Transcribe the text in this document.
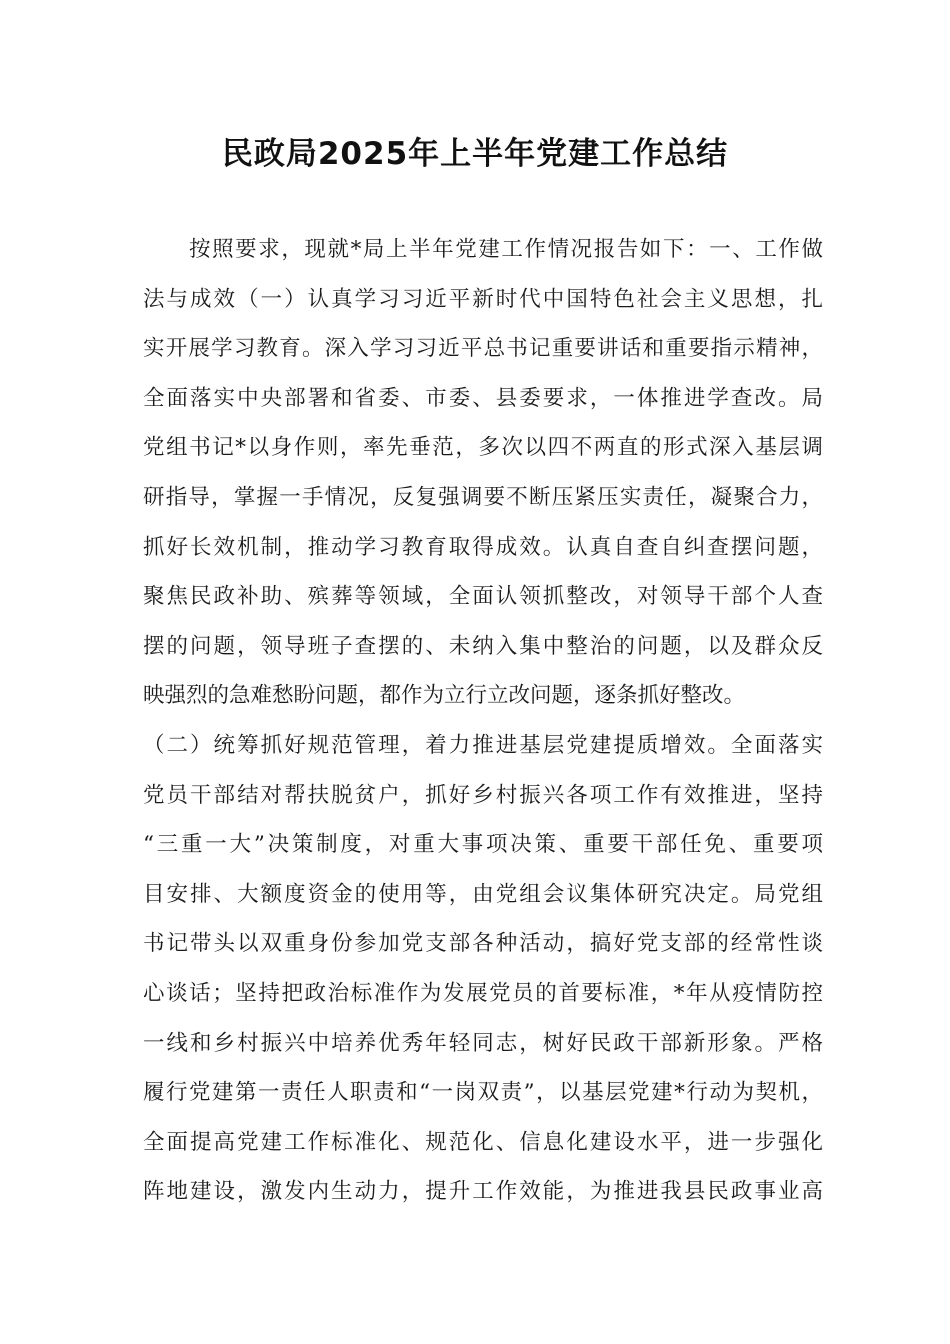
民政局2025年上半年党建工作总结
按照要求，现就*局上半年党建工作情况报告如下：一、工作做
法与成效（一）认真学习习近平新时代中国特色社会主义思想，扎
实开展学习教育。深入学习习近平总书记重要讲话和重要指示精神，
全面落实中央部署和省委、市委、县委要求，一体推进学查改。局
党组书记*以身作则，率先垂范，多次以四不两直的形式深入基层调
研指导，掌握一手情况，反复强调要不断压紧压实责任，凝聚合力，
抓好长效机制，推动学习教育取得成效。认真自查自纠查摆问题，
聚焦民政补助、殡葬等领域，全面认领抓整改，对领导干部个人查
摆的问题，领导班子查摆的、未纳入集中整治的问题，以及群众反
映强烈的急难愁盼问题，都作为立行立改问题，逐条抓好整改。
（二）统筹抓好规范管理，着力推进基层党建提质增效。全面落实
党员干部结对帮扶脱贫户，抓好乡村振兴各项工作有效推进，坚持
“三重一大”决策制度，对重大事项决策、重要干部任免、重要项
目安排、大额度资金的使用等，由党组会议集体研究决定。局党组
书记带头以双重身份参加党支部各种活动，搞好党支部的经常性谈
心谈话；坚持把政治标准作为发展党员的首要标准，*年从疫情防控
一线和乡村振兴中培养优秀年轻同志，树好民政干部新形象。严格
履行党建第一责任人职责和“一岗双责”，以基层党建*行动为契机，
全面提高党建工作标准化、规范化、信息化建设水平，进一步强化
阵地建设，激发内生动力，提升工作效能，为推进我县民政事业高
